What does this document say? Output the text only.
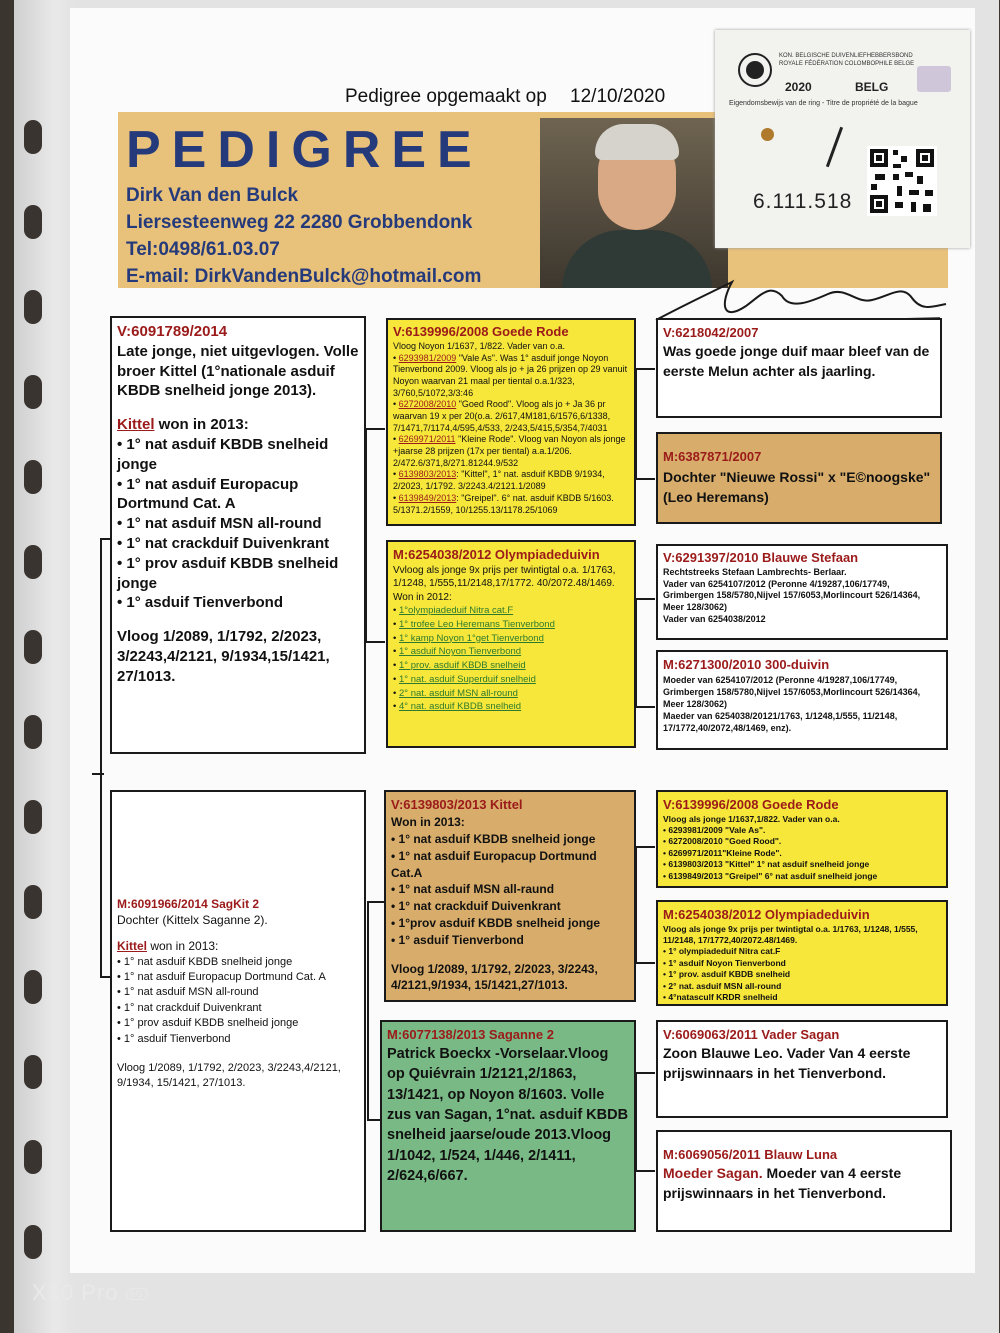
Pedigree opgemaakt op 12/10/2020
PEDIGREE
Dirk Van den Bulck
Liersesteenweg 22 2280 Grobbendonk
Tel:0498/61.03.07
E-mail: DirkVandenBulck@hotmail.com
KON. BELGISCHE DUIVENLIEFHEBBERSBOND
ROYALE FÉDÉRATION COLOMBOPHILE BELGE
2020	BELG
Eigendomsbewijs van de ring - Titre de propriété de la bague
6.111.518
V:6091789/2014

Late jonge, niet uitgevlogen. Volle broer Kittel (1°nationale asduif KBDB snelheid jonge 2013).

Kittel won in 2013:
• 1° nat asduif KBDB snelheid jonge
• 1° nat asduif Europacup Dortmund Cat. A
• 1° nat asduif MSN all-round
• 1° nat crackduif Duivenkrant
• 1° prov asduif KBDB snelheid jonge
• 1° asduif Tienverbond

Vloog 1/2089, 1/1792, 2/2023, 3/2243,4/2121, 9/1934,15/1421, 27/1013.

M:6091966/2014 SagKit 2

Dochter (Kittelx Saganne 2).

Kittel won in 2013:
• 1° nat asduif KBDB snelheid jonge
• 1° nat asduif Europacup Dortmund Cat. A
• 1° nat asduif MSN all-round
• 1° nat crackduif Duivenkrant
• 1° prov asduif KBDB snelheid jonge
• 1° asduif Tienverbond

Vloog 1/2089, 1/1792, 2/2023, 3/2243,4/2121, 9/1934, 15/1421, 27/1013.

V:6139996/2008 Goede Rode
Vloog Noyon 1/1637, 1/822. Vader van o.a.
• 6293981/2009 "Vale As". Was 1° asduif jonge Noyon Tienverbond 2009. Vloog als jo + ja 26 prijzen op 29 vanuit Noyon waarvan 21 maal per tiental o.a.1/323, 3/760,5/1072,3/3:46
• 6272008/2010 "Goed Rood". Vloog als jo + Ja 36 pr waarvan 19 x per 20(o.a. 2/617,4M181,6/1576,6/1338, 7/1471,7/1174,4/595,4/533, 2/243,5/415,5/354,7/4031
• 6269971/2011 "Kleine Rode". Vloog van Noyon als jonge +jaarse 28 prijzen (17x per tiental) a.a.1/206. 2/472.6/371,8/271.81244.9/532
• 6139803/2013: "Kittel", 1° nat. asduif KBDB 9/1934, 2/2023, 1/1792. 3/2243.4/2121.1/2089
• 6139849/2013: "Greipel". 6° nat. asduif KBDB 5/1603. 5/1371.2/1559, 10/1255.13/1178.25/1069
M:6254038/2012 Olympiadeduivin
Vvloog als jonge 9x prijs per twintigtal o.a. 1/1763, 1/1248, 1/555,11/2148,17/1772. 40/2072.48/1469. Won in 2012:
• 1°olympiadeduif Nitra cat.F
• 1° trofee Leo Heremans Tienverbond
• 1° kamp Noyon 1°get Tienverbond
• 1° asduif Noyon Tienverbond
• 1° prov. asduif KBDB snelheid
• 1° nat. asduif Superduif snelheid
• 2° nat. asduif MSN all-round
• 4° nat. asduif KBDB snelheid
V:6218042/2007
Was goede jonge duif maar bleef van de eerste Melun achter als jaarling.
M:6387871/2007
Dochter "Nieuwe Rossi" x "E©noogske" (Leo Heremans)
V:6291397/2010 Blauwe Stefaan
Rechtstreeks Stefaan Lambrechts- Berlaar.
Vader van 6254107/2012 (Peronne 4/19287,106/17749, Grimbergen 158/5780,Nijvel 157/6053,Morlincourt 526/14364, Meer 128/3062)
Vader van 6254038/2012
M:6271300/2010 300-duivin
Moeder van 6254107/2012 (Peronne 4/19287,106/17749, Grimbergen 158/5780,Nijvel 157/6053,Morlincourt 526/14364, Meer 128/3062)
Maeder van 6254038/20121/1763, 1/1248,1/555, 11/2148, 17/1772,40/2072,48/1469, enz).
V:6139803/2013 Kittel
Won in 2013:
• 1° nat asduif KBDB snelheid jonge
• 1° nat asduif Europacup Dortmund Cat.A
• 1° nat asduif MSN all-raund
• 1° nat crackduif Duivenkrant
• 1°prov asduif KBDB snelheid jonge
• 1° asduif Tienverbond
Vloog 1/2089, 1/1792, 2/2023, 3/2243, 4/2121,9/1934, 15/1421,27/1013.
M:6077138/2013 Saganne 2
Patrick Boeckx -Vorselaar.Vloog op Quiévrain 1/2121,2/1863, 13/1421, op Noyon 8/1603. Volle zus van Sagan, 1°nat. asduif KBDB snelheid jaarse/oude 2013.Vloog 1/1042, 1/524, 1/446, 2/1411, 2/624,6/667.
V:6139996/2008 Goede Rode
Vloog als jonge 1/1637,1/822. Vader van o.a.
• 6293981/2009 "Vale As".
• 6272008/2010 "Goed Rood".
• 6269971/2011"Kleine Rode".
• 6139803/2013 "Kittel" 1° nat asduif snelheid jonge
• 6139849/2013 "Greipel" 6° nat asduif snelheid jonge
M:6254038/2012 Olympiadeduivin
Vloog als jonge 9x prijs per twintigtal o.a. 1/1763, 1/1248, 1/555, 11/2148, 17/1772,40/2072.48/1469.
• 1° olympiadeduif Nitra cat.F
• 1° asduif Noyon Tienverbond
• 1° prov. asduif KBDB snelheid
• 2° nat. asduif MSN all-round
• 4°natasculf KRDR snelheid
V:6069063/2011 Vader Sagan
Zoon Blauwe Leo. Vader Van 4 eerste prijswinnaars in het Tienverbond.
M:6069056/2011 Blauw Luna
Moeder Sagan. Moeder van 4 eerste prijswinnaars in het Tienverbond.
X30 Pro 5G
